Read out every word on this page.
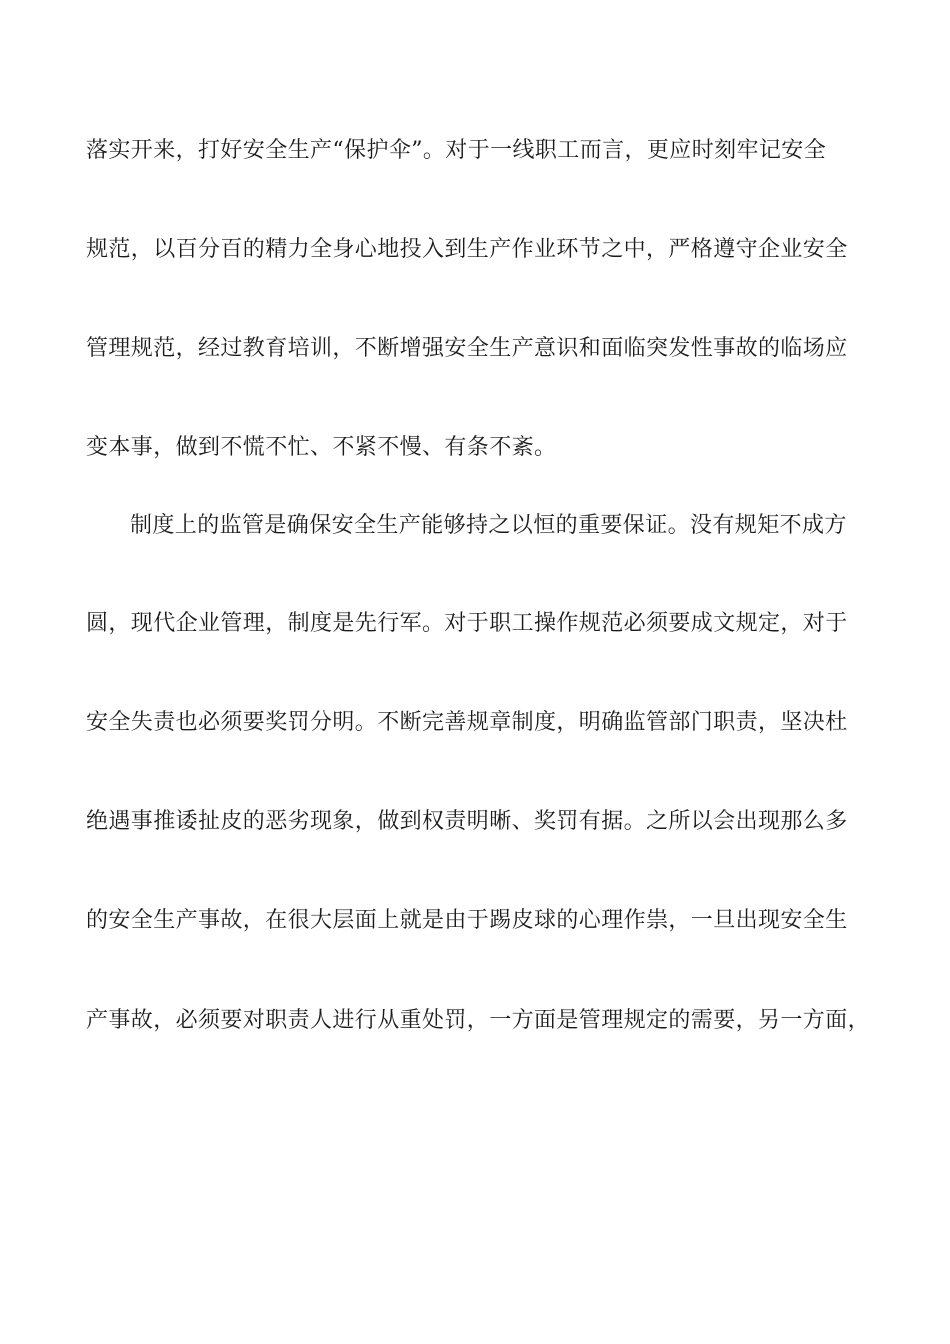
落实开来，打好安全生产“保护伞”。对于一线职工而言，更应时刻牢记安全
规范，以百分百的精力全身心地投入到生产作业环节之中，严格遵守企业安全
管理规范，经过教育培训，不断增强安全生产意识和面临突发性事故的临场应
变本事，做到不慌不忙、不紧不慢、有条不紊。
制度上的监管是确保安全生产能够持之以恒的重要保证。没有规矩不成方
圆，现代企业管理，制度是先行军。对于职工操作规范必须要成文规定，对于
安全失责也必须要奖罚分明。不断完善规章制度，明确监管部门职责，坚决杜
绝遇事推诿扯皮的恶劣现象，做到权责明晰、奖罚有据。之所以会出现那么多
的安全生产事故，在很大层面上就是由于踢皮球的心理作祟，一旦出现安全生
产事故，必须要对职责人进行从重处罚，一方面是管理规定的需要，另一方面，
